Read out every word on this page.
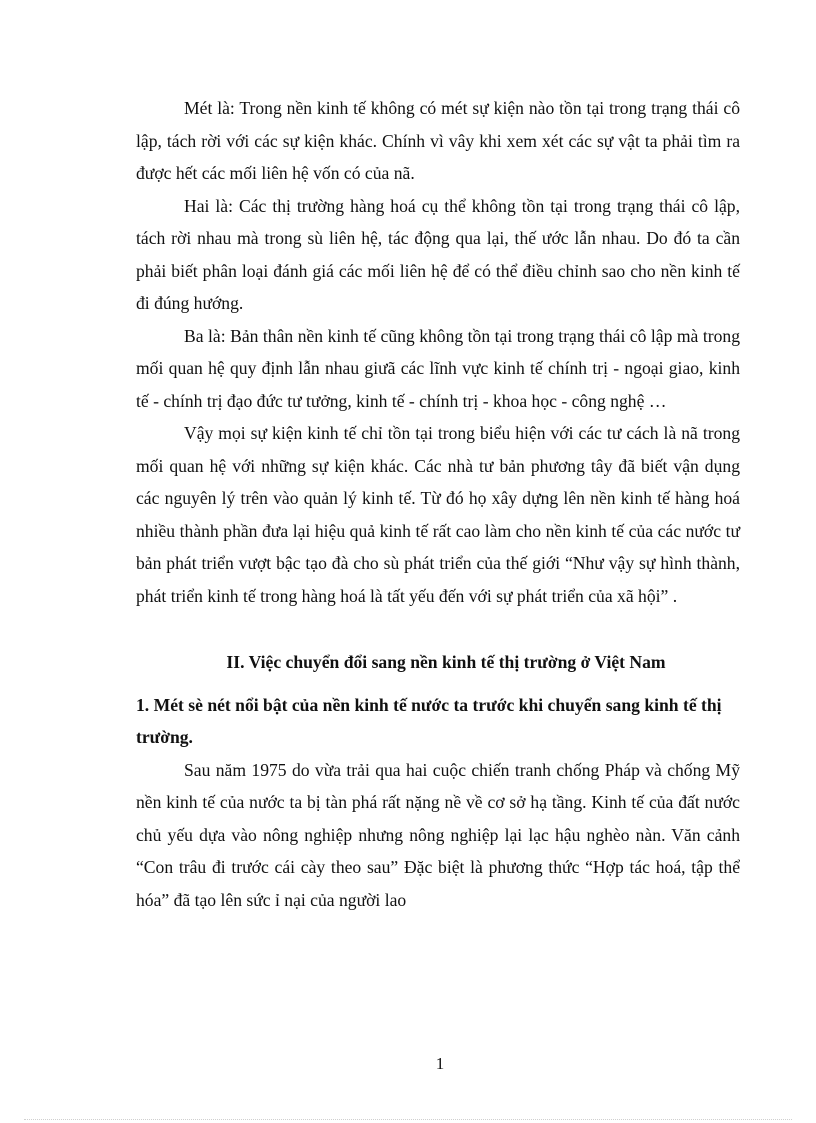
Mét là: Trong nền kinh tế không có mét sự kiện nào tồn tại trong trạng thái cô lập, tách rời với các sự kiện khác. Chính vì vây khi xem xét các sự vật ta phải tìm ra được hết các mối liên hệ vốn có của nã.

Hai là: Các thị trường hàng hoá cụ thể không tồn tại trong trạng thái cô lập, tách rời nhau mà trong sù liên hệ, tác động qua lại, thế ước lẫn nhau. Do đó ta cần phải biết phân loại đánh giá các mối liên hệ để có thể điều chỉnh sao cho nền kinh tế đi đúng hướng.

Ba là: Bản thân nền kinh tế cũng không tồn tại trong trạng thái cô lập mà trong mối quan hệ quy định lẫn nhau giưã các lĩnh vực kinh tế chính trị - ngoại giao, kinh tế - chính trị đạo đức tư tưởng, kinh tế - chính trị - khoa học - công nghệ …

Vậy mọi sự kiện kinh tế chỉ tồn tại trong biểu hiện với các tư cách là nã trong mối quan hệ với những sự kiện khác. Các nhà tư bản phương tây đã biết vận dụng các nguyên lý trên vào quản lý kinh tế. Từ đó họ xây dựng lên nền kinh tế hàng hoá nhiều thành phần đưa lại hiệu quả kinh tế rất cao làm cho nền kinh tế của các nước tư bản phát triển vượt bậc tạo đà cho sù phát triển của thế giới “Như vậy sự hình thành, phát triển kinh tế trong hàng hoá là tất yếu đến với sự phát triển của xã hội” .

II. Việc chuyển đổi sang nền kinh tế thị trường ở Việt Nam
1. Mét sè nét nổi bật của nền kinh tế nước ta trước khi chuyển sang kinh tế thị trường.

Sau năm 1975 do vừa trải qua hai cuộc chiến tranh chống Pháp và chống Mỹ nền kinh tế của nước ta bị tàn phá rất nặng nề về cơ sở hạ tầng. Kinh tế của đất nước chủ yếu dựa vào nông nghiệp nhưng nông nghiệp lại lạc hậu nghèo nàn. Văn cảnh “Con trâu đi trước cái cày theo sau” Đặc biệt là phương thức “Hợp tác hoá, tập thể hóa” đã tạo lên sức ỉ nại của người lao

1
